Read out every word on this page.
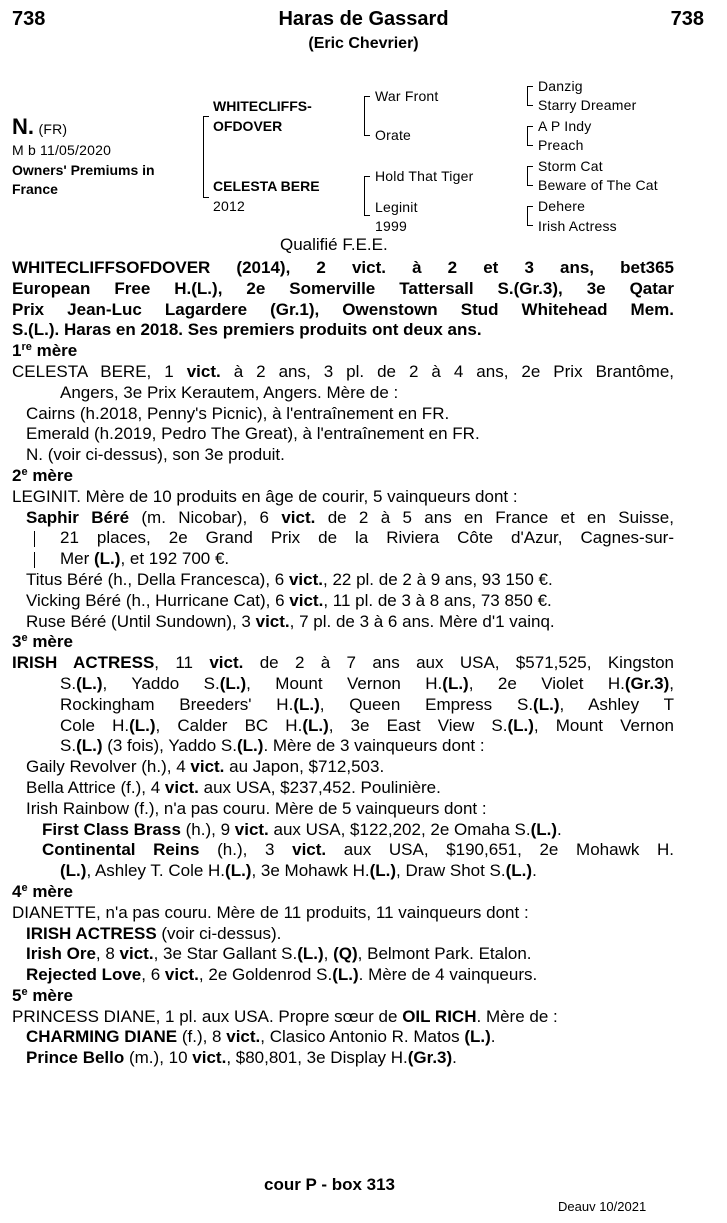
738	Haras de Gassard	738
(Eric Chevrier)
N. (FR)
M b 11/05/2020
Owners' Premiums in
France
WHITECLIFFS-
OFDOVER
CELESTA BERE
2012
War Front
Orate
Hold That Tiger
Leginit
1999
Danzig
Starry Dreamer
A P Indy
Preach
Storm Cat
Beware of The Cat
Dehere
Irish Actress
Qualifié F.E.E.
WHITECLIFFSOFDOVER (2014), 2 vict. à 2 et 3 ans, bet365
European Free H.(L.), 2e Somerville Tattersall S.(Gr.3), 3e Qatar
Prix Jean-Luc Lagardere (Gr.1), Owenstown Stud Whitehead Mem.
S.(L.). Haras en 2018. Ses premiers produits ont deux ans.
1re mère
CELESTA BERE, 1 vict. à 2 ans, 3 pl. de 2 à 4 ans, 2e Prix Brantôme,
Angers, 3e Prix Kerautem, Angers. Mère de :
Cairns (h.2018, Penny's Picnic), à l'entraînement en FR.
Emerald (h.2019, Pedro The Great), à l'entraînement en FR.
N. (voir ci-dessus), son 3e produit.
2e mère
LEGINIT. Mère de 10 produits en âge de courir, 5 vainqueurs dont :
Saphir Béré (m. Nicobar), 6 vict. de 2 à 5 ans en France et en Suisse,
21 places, 2e Grand Prix de la Riviera Côte d'Azur, Cagnes-sur-
Mer (L.), et 192 700 €.
Titus Béré (h., Della Francesca), 6 vict., 22 pl. de 2 à 9 ans, 93 150 €.
Vicking Béré (h., Hurricane Cat), 6 vict., 11 pl. de 3 à 8 ans, 73 850 €.
Ruse Béré (Until Sundown), 3 vict., 7 pl. de 3 à 6 ans. Mère d'1 vainq.
3e mère
IRISH ACTRESS, 11 vict. de 2 à 7 ans aux USA, $571,525, Kingston
S.(L.), Yaddo S.(L.), Mount Vernon H.(L.), 2e Violet H.(Gr.3),
Rockingham Breeders' H.(L.), Queen Empress S.(L.), Ashley T
Cole H.(L.), Calder BC H.(L.), 3e East View S.(L.), Mount Vernon
S.(L.) (3 fois), Yaddo S.(L.). Mère de 3 vainqueurs dont :
Gaily Revolver (h.), 4 vict. au Japon, $712,503.
Bella Attrice (f.), 4 vict. aux USA, $237,452. Poulinière.
Irish Rainbow (f.), n'a pas couru. Mère de 5 vainqueurs dont :
First Class Brass (h.), 9 vict. aux USA, $122,202, 2e Omaha S.(L.).
Continental Reins (h.), 3 vict. aux USA, $190,651, 2e Mohawk H.
(L.), Ashley T. Cole H.(L.), 3e Mohawk H.(L.), Draw Shot S.(L.).
4e mère
DIANETTE, n'a pas couru. Mère de 11 produits, 11 vainqueurs dont :
IRISH ACTRESS (voir ci-dessus).
Irish Ore, 8 vict., 3e Star Gallant S.(L.), (Q), Belmont Park. Etalon.
Rejected Love, 6 vict., 2e Goldenrod S.(L.). Mère de 4 vainqueurs.
5e mère
PRINCESS DIANE, 1 pl. aux USA. Propre sœur de OIL RICH. Mère de :
CHARMING DIANE (f.), 8 vict., Clasico Antonio R. Matos (L.).
Prince Bello (m.), 10 vict., $80,801, 3e Display H.(Gr.3).
cour P - box 313
Deauv 10/2021
